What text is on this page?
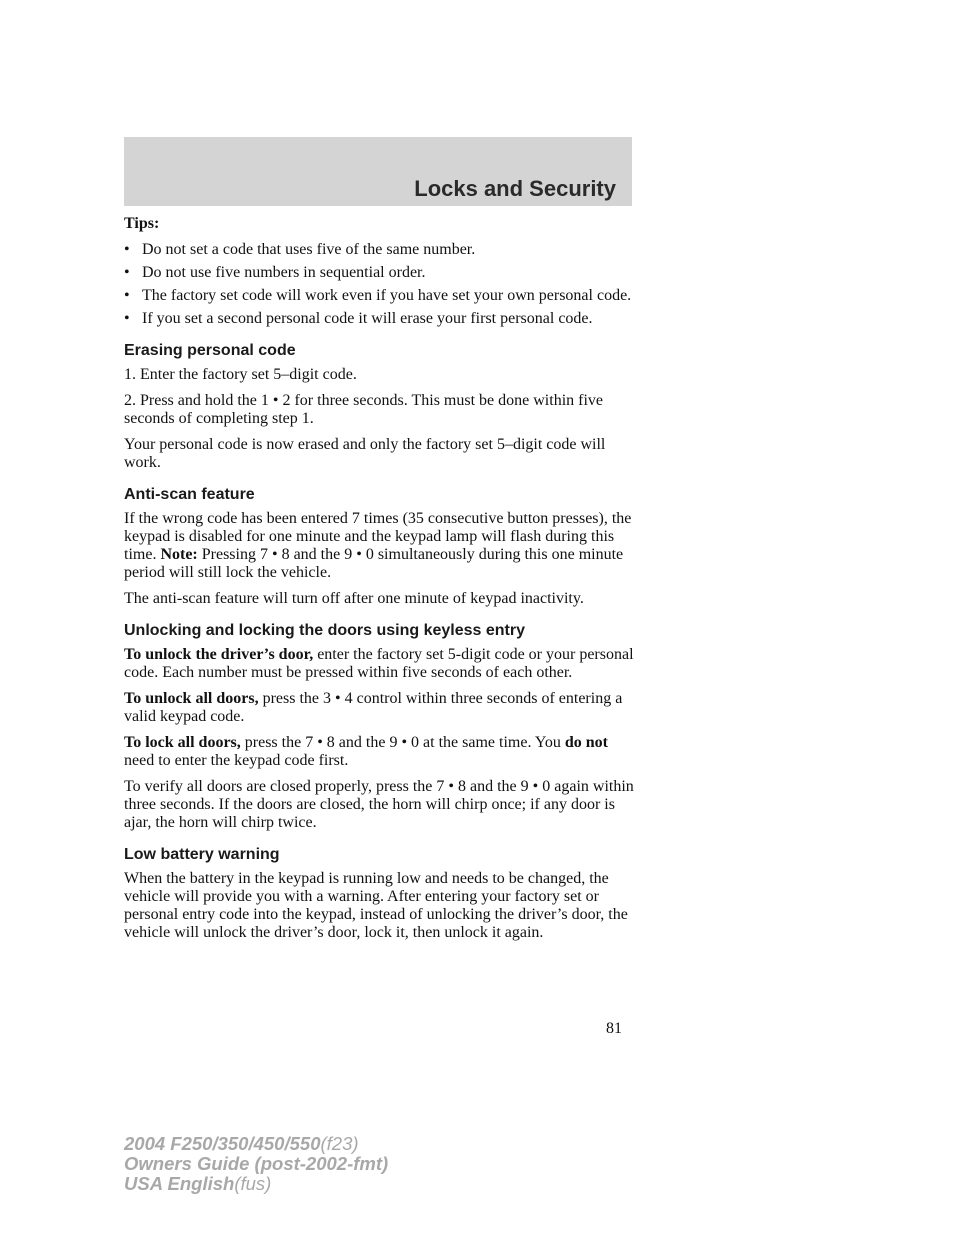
Locks and Security

Tips:

• Do not set a code that uses five of the same number.
• Do not use five numbers in sequential order.
• The factory set code will work even if you have set your own personal code.
• If you set a second personal code it will erase your first personal code.
Erasing personal code

1. Enter the factory set 5–digit code.

2. Press and hold the 1 • 2 for three seconds. This must be done within five seconds of completing step 1.

Your personal code is now erased and only the factory set 5–digit code will work.

Anti-scan feature

If the wrong code has been entered 7 times (35 consecutive button presses), the keypad is disabled for one minute and the keypad lamp will flash during this time. Note: Pressing 7 • 8 and the 9 • 0 simultaneously during this one minute period will still lock the vehicle.

The anti-scan feature will turn off after one minute of keypad inactivity.

Unlocking and locking the doors using keyless entry

To unlock the driver’s door, enter the factory set 5-digit code or your personal code. Each number must be pressed within five seconds of each other.

To unlock all doors, press the 3 • 4 control within three seconds of entering a valid keypad code.

To lock all doors, press the 7 • 8 and the 9 • 0 at the same time. You do not need to enter the keypad code first.

To verify all doors are closed properly, press the 7 • 8 and the 9 • 0 again within three seconds. If the doors are closed, the horn will chirp once; if any door is ajar, the horn will chirp twice.

Low battery warning

When the battery in the keypad is running low and needs to be changed, the vehicle will provide you with a warning. After entering your factory set or personal entry code into the keypad, instead of unlocking the driver’s door, the vehicle will unlock the driver’s door, lock it, then unlock it again.

81
2004 F250/350/450/550(f23)
Owners Guide (post-2002-fmt)
USA English(fus)
